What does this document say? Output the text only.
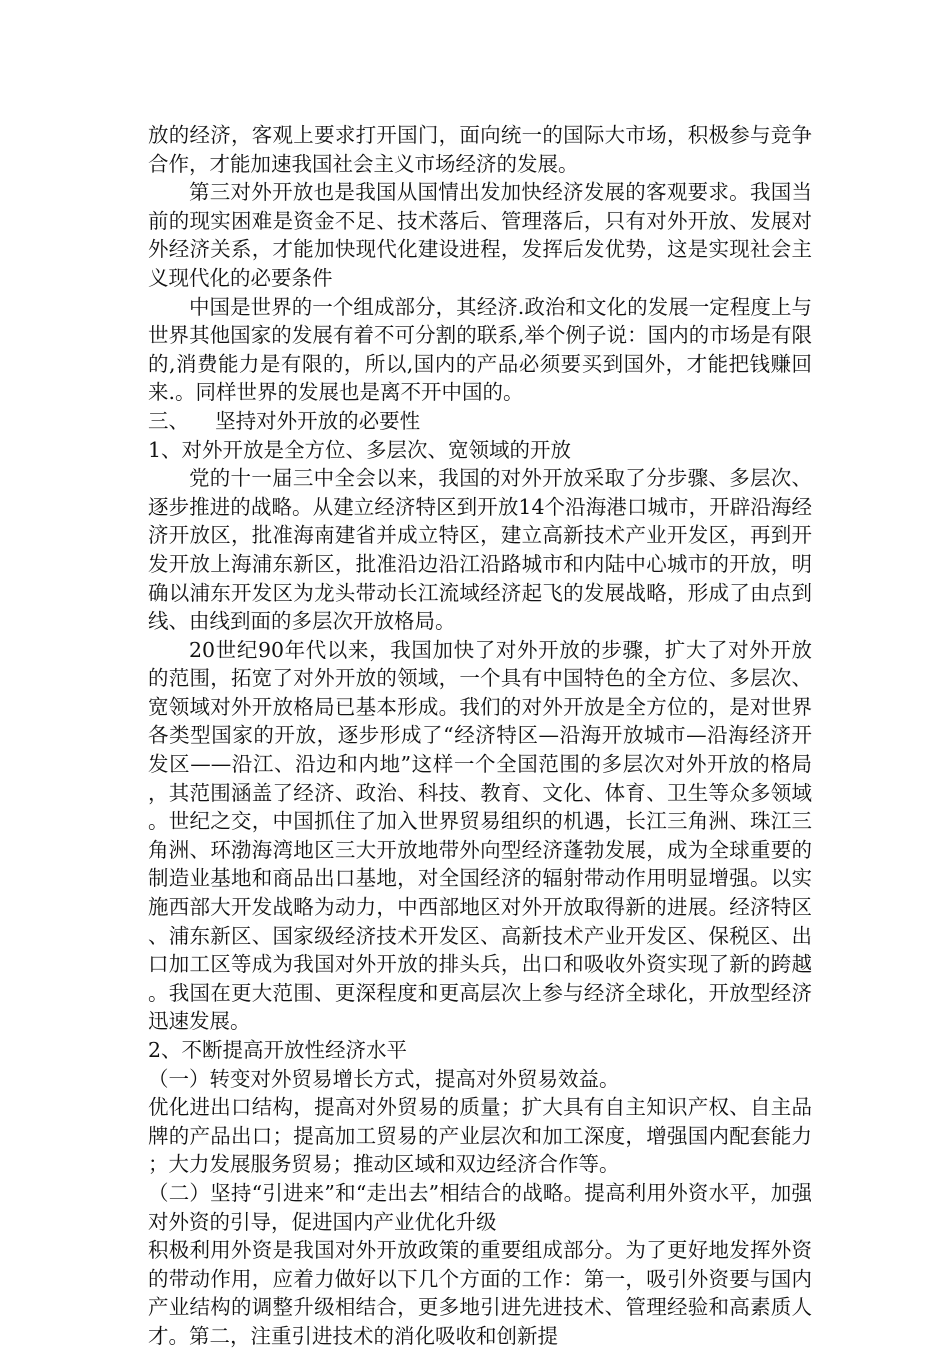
放的经济，客观上要求打开国门，面向统一的国际大市场，积极参与竞争合作，才能加速我国社会主义市场经济的发展。

第三对外开放也是我国从国情出发加快经济发展的客观要求。我国当前的现实困难是资金不足、技术落后、管理落后，只有对外开放、发展对外经济关系，才能加快现代化建设进程，发挥后发优势，这是实现社会主义现代化的必要条件

中国是世界的一个组成部分，其经济.政治和文化的发展一定程度上与世界其他国家的发展有着不可分割的联系,举个例子说：国内的市场是有限的,消费能力是有限的，所以,国内的产品必须要买到国外，才能把钱赚回来.。同样世界的发展也是离不开中国的。

三、    坚持对外开放的必要性

1、对外开放是全方位、多层次、宽领域的开放

党的十一届三中全会以来，我国的对外开放采取了分步骤、多层次、逐步推进的战略。从建立经济特区到开放14个沿海港口城市，开辟沿海经济开放区，批准海南建省并成立特区，建立高新技术产业开发区，再到开发开放上海浦东新区，批准沿边沿江沿路城市和内陆中心城市的开放，明确以浦东开发区为龙头带动长江流域经济起飞的发展战略，形成了由点到线、由线到面的多层次开放格局。

20世纪90年代以来，我国加快了对外开放的步骤，扩大了对外开放的范围，拓宽了对外开放的领域，一个具有中国特色的全方位、多层次、宽领域对外开放格局已基本形成。我们的对外开放是全方位的，是对世界各类型国家的开放，逐步形成了“经济特区—沿海开放城市—沿海经济开发区——沿江、沿边和内地”这样一个全国范围的多层次对外开放的格局，其范围涵盖了经济、政治、科技、教育、文化、体育、卫生等众多领域。世纪之交，中国抓住了加入世界贸易组织的机遇，长江三角洲、珠江三角洲、环渤海湾地区三大开放地带外向型经济蓬勃发展，成为全球重要的制造业基地和商品出口基地，对全国经济的辐射带动作用明显增强。以实施西部大开发战略为动力，中西部地区对外开放取得新的进展。经济特区、浦东新区、国家级经济技术开发区、高新技术产业开发区、保税区、出口加工区等成为我国对外开放的排头兵，出口和吸收外资实现了新的跨越。我国在更大范围、更深程度和更高层次上参与经济全球化，开放型经济迅速发展。

2、不断提高开放性经济水平

（一）转变对外贸易增长方式，提高对外贸易效益。

优化进出口结构，提高对外贸易的质量；扩大具有自主知识产权、自主品牌的产品出口；提高加工贸易的产业层次和加工深度，增强国内配套能力；大力发展服务贸易；推动区域和双边经济合作等。

（二）坚持“引进来”和“走出去”相结合的战略。提高利用外资水平，加强对外资的引导，促进国内产业优化升级

积极利用外资是我国对外开放政策的重要组成部分。为了更好地发挥外资的带动作用，应着力做好以下几个方面的工作：第一，吸引外资要与国内产业结构的调整升级相结合，更多地引进先进技术、管理经验和高素质人才。第二，注重引进技术的消化吸收和创新提
